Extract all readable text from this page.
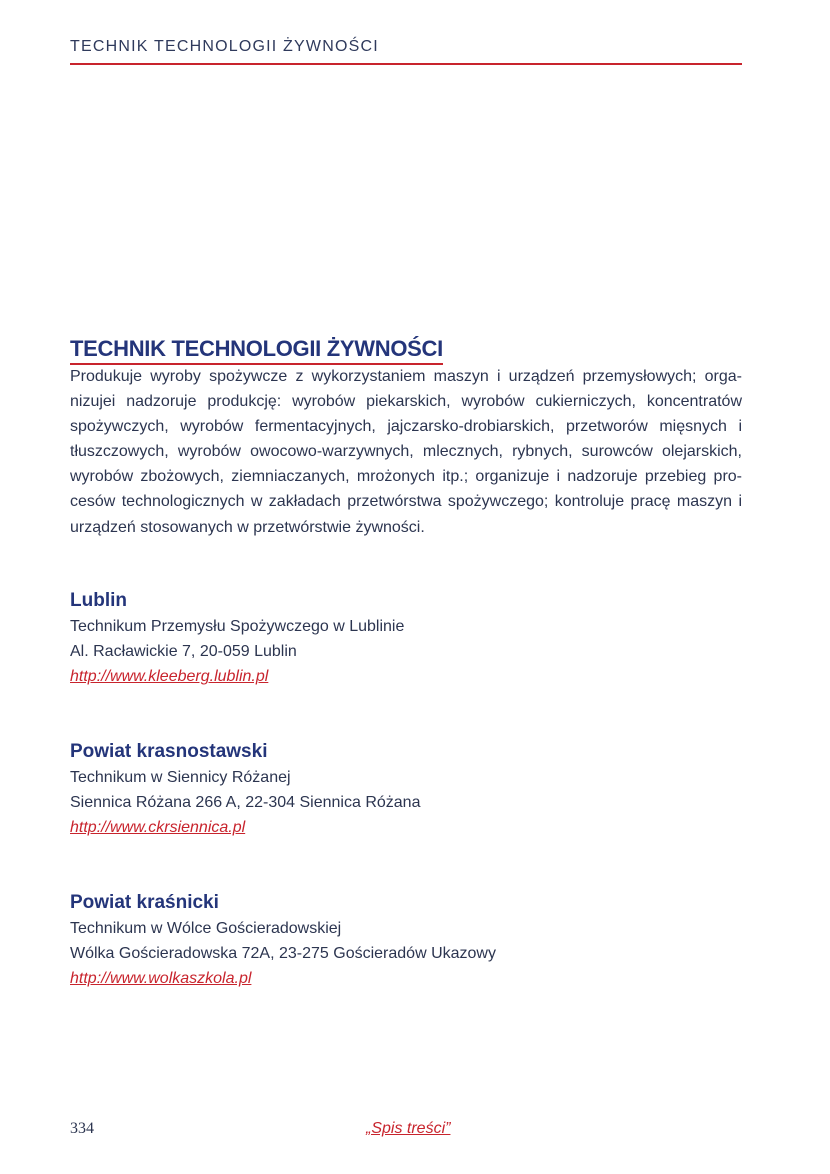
TECHNIK TECHNOLOGII ŻYWNOŚCI
TECHNIK TECHNOLOGII ŻYWNOŚCI

Produkuje wyroby spożywcze z wykorzystaniem maszyn i urządzeń przemysłowych; organizujei nadzoruje produkcję: wyrobów piekarskich, wyrobów cukierniczych, koncentratów spożywczych, wyrobów fermentacyjnych, jajczarsko-drobiarskich, przetworów mięsnych i tłuszczowych, wyrobów owocowo-warzywnych, mlecznych, rybnych, surowców olejarskich, wyrobów zbożowych, ziemniaczanych, mrożonych itp.; organizuje i nadzoruje przebieg procesów technologicznych w zakładach przetwórstwa spożywczego; kontroluje pracę maszyn i urządzeń stosowanych w przetwórstwie żywności.

Lublin
Technikum Przemysłu Spożywczego w Lublinie
Al. Racławickie 7, 20-059 Lublin
http://www.kleeberg.lublin.pl
Powiat krasnostawski
Technikum w Siennicy Różanej
Siennica Różana 266 A, 22-304 Siennica Różana
http://www.ckrsiennica.pl
Powiat kraśnicki
Technikum w Wólce Gościeradowskiej
Wólka Gościeradowska 72A, 23-275 Gościeradów Ukazowy
http://www.wolkaszkola.pl
334	„Spis treści”
